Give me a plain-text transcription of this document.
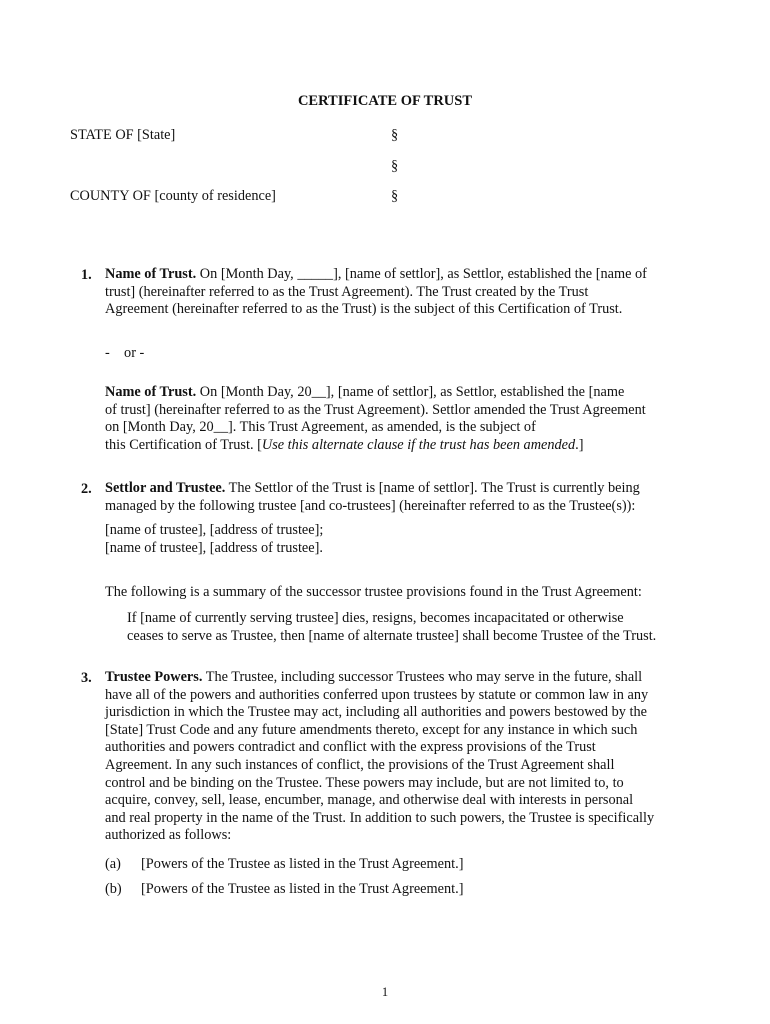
CERTIFICATE OF TRUST
STATE OF [State]	§
§
COUNTY OF [county of residence]	§
1. Name of Trust. On [Month Day, _____], [name of settlor], as Settlor, established the [name of
trust] (hereinafter referred to as the Trust Agreement). The Trust created by the Trust
Agreement (hereinafter referred to as the Trust) is the subject of this Certification of Trust.
-    or -
Name of Trust. On [Month Day, 20__], [name of settlor], as Settlor, established the [name
of trust] (hereinafter referred to as the Trust Agreement). Settlor amended the Trust Agreement
on [Month Day, 20__]. This Trust Agreement, as amended, is the subject of
this Certification of Trust. [Use this alternate clause if the trust has been amended.]
2. Settlor and Trustee. The Settlor of the Trust is [name of settlor]. The Trust is currently being
managed by the following trustee [and co-trustees] (hereinafter referred to as the Trustee(s)):
[name of trustee], [address of trustee];
[name of trustee], [address of trustee].
The following is a summary of the successor trustee provisions found in the Trust Agreement:
If [name of currently serving trustee] dies, resigns, becomes incapacitated or otherwise
ceases to serve as Trustee, then [name of alternate trustee] shall become Trustee of the Trust.
3. Trustee Powers. The Trustee, including successor Trustees who may serve in the future, shall
have all of the powers and authorities conferred upon trustees by statute or common law in any
jurisdiction in which the Trustee may act, including all authorities and powers bestowed by the
[State] Trust Code and any future amendments thereto, except for any instance in which such
authorities and powers contradict and conflict with the express provisions of the Trust
Agreement. In any such instances of conflict, the provisions of the Trust Agreement shall
control and be binding on the Trustee. These powers may include, but are not limited to, to
acquire, convey, sell, lease, encumber, manage, and otherwise deal with interests in personal
and real property in the name of the Trust. In addition to such powers, the Trustee is specifically
authorized as follows:
(a) [Powers of the Trustee as listed in the Trust Agreement.]
(b) [Powers of the Trustee as listed in the Trust Agreement.]
1
